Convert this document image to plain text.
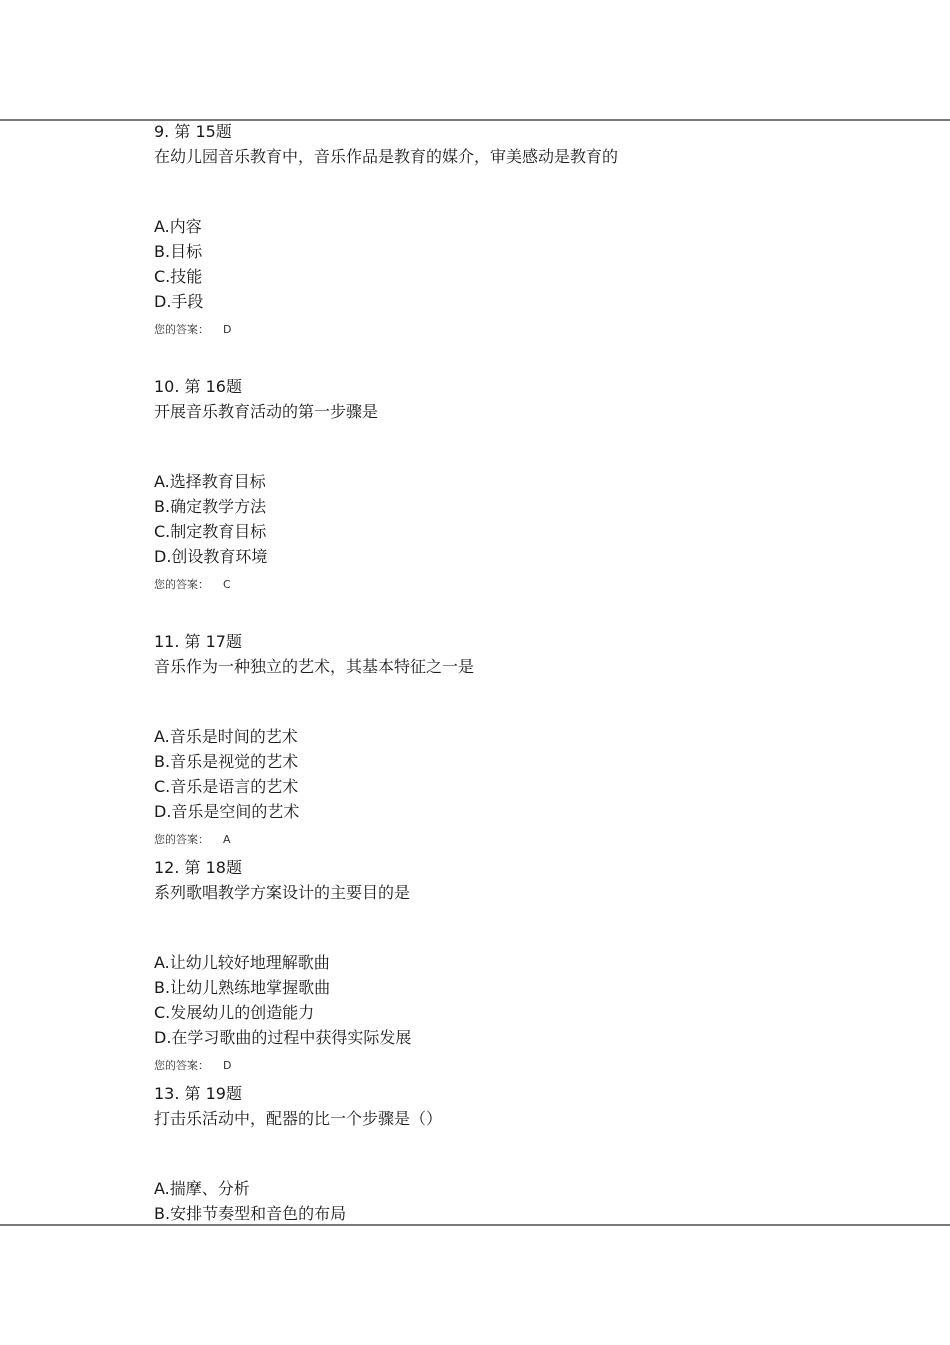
9. 第 15题
在幼儿园音乐教育中，音乐作品是教育的媒介，审美感动是教育的
A.内容
B.目标
C.技能
D.手段
您的答案： D
10. 第 16题
开展音乐教育活动的第一步骤是
A.选择教育目标
B.确定教学方法
C.制定教育目标
D.创设教育环境
您的答案： C
11. 第 17题
音乐作为一种独立的艺术，其基本特征之一是
A.音乐是时间的艺术
B.音乐是视觉的艺术
C.音乐是语言的艺术
D.音乐是空间的艺术
您的答案： A
12. 第 18题
系列歌唱教学方案设计的主要目的是
A.让幼儿较好地理解歌曲
B.让幼儿熟练地掌握歌曲
C.发展幼儿的创造能力
D.在学习歌曲的过程中获得实际发展
您的答案： D
13. 第 19题
打击乐活动中，配器的比一个步骤是（）
A.揣摩、分析
B.安排节奏型和音色的布局
